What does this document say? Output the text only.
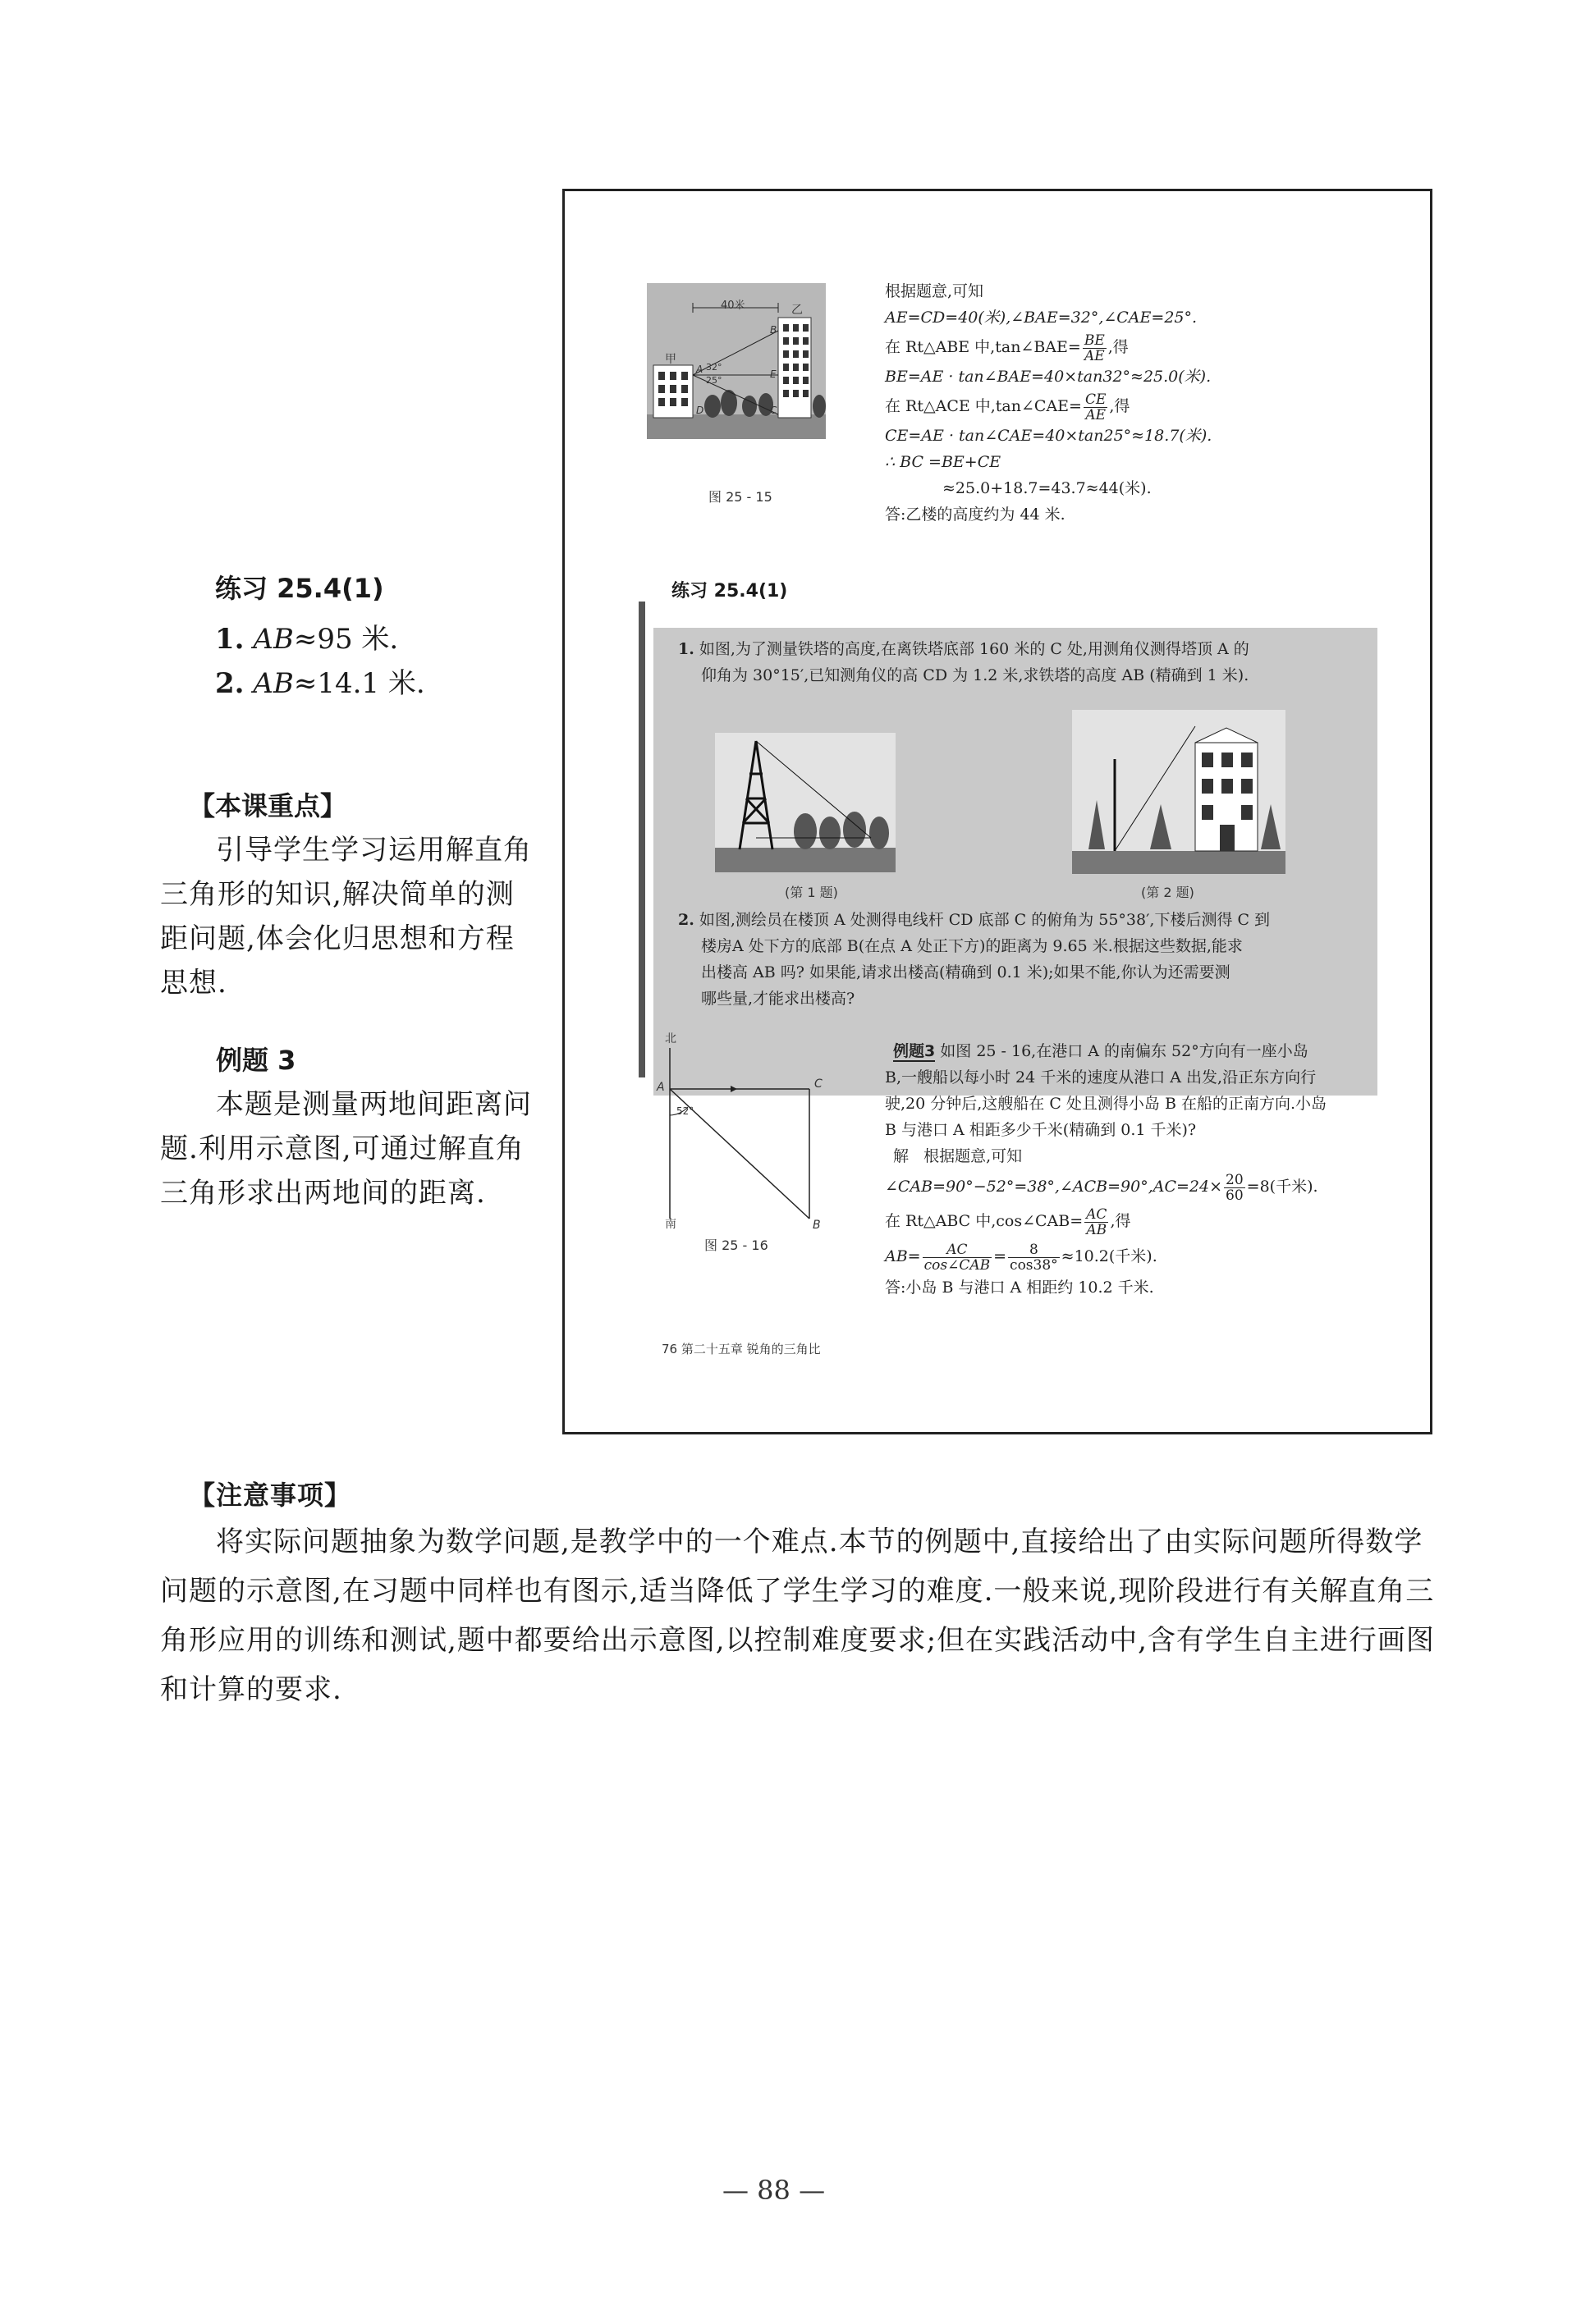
练习 25.4(1)
1. AB≈95 米.
2. AB≈14.1 米.
【本课重点】
引导学生学习运用解直角
三角形的知识,解决简单的测
距问题,体会化归思想和方程
思想.
例题 3
本题是测量两地间距离问
题.利用示意图,可通过解直角
三角形求出两地间的距离.
40米
甲
乙
32°
25°
A
B
C
D
E
图 25 - 15
根据题意,可知
AE=CD=40(米),∠BAE=32°,∠CAE=25°.
在 Rt△ABE 中,tan∠BAE= $\frac{BE}{AE}$ ,得
BE=AE · tan∠BAE=40×tan32°≈25.0(米).
在 Rt△ACE 中,tan∠CAE= $\frac{CE}{AE}$ ,得
CE=AE · tan∠CAE=40×tan25°≈18.7(米).
∴ BC =BE+CE
≈25.0+18.7=43.7≈44(米).
答:乙楼的高度约为 44 米.
练习 25.4(1)
1. 如图,为了测量铁塔的高度,在离铁塔底部 160 米的 C 处,用测角仪测得塔顶 A 的
仰角为 30°15′,已知测角仪的高 CD 为 1.2 米,求铁塔的高度 AB (精确到 1 米).
(第 1 题)	(第 2 题)
2. 如图,测绘员在楼顶 A 处测得电线杆 CD 底部 C 的俯角为 55°38′,下楼后测得 C 到
楼房A 处下方的底部 B(在点 A 处正下方)的距离为 9.65 米.根据这些数据,能求
出楼高 AB 吗? 如果能,请求出楼高(精确到 0.1 米);如果不能,你认为还需要测
哪些量,才能求出楼高?
北
南
A	C
B
52°
图 25 - 16
例题3 如图 25 - 16,在港口 A 的南偏东 52°方向有一座小岛
B,一艘船以每小时 24 千米的速度从港口 A 出发,沿正东方向行
驶,20 分钟后,这艘船在 C 处且测得小岛 B 在船的正南方向.小岛
B 与港口 A 相距多少千米(精确到 0.1 千米)?
解 根据题意,可知
∠CAB=90°−52°=38°,∠ACB=90°,AC=24× $\frac{20}{60} =8$(千米).
在 Rt△ABC 中,cos∠CAB= $\frac{AC}{AB}$ ,得
$AB= \frac{AC}{\text{cos∠CAB}} = \frac{8}{\cos 38^\circ} \approx 10.2$(千米).
答:小岛 B 与港口 A 相距约 10.2 千米.
76 第二十五章 锐角的三角比
【注意事项】
将实际问题抽象为数学问题,是教学中的一个难点.本节的例题中,直接给出了由实际问题所得数学
问题的示意图,在习题中同样也有图示,适当降低了学生学习的难度.一般来说,现阶段进行有关解直角三
角形应用的训练和测试,题中都要给出示意图,以控制难度要求;但在实践活动中,含有学生自主进行画图
和计算的要求.
— 88 —
